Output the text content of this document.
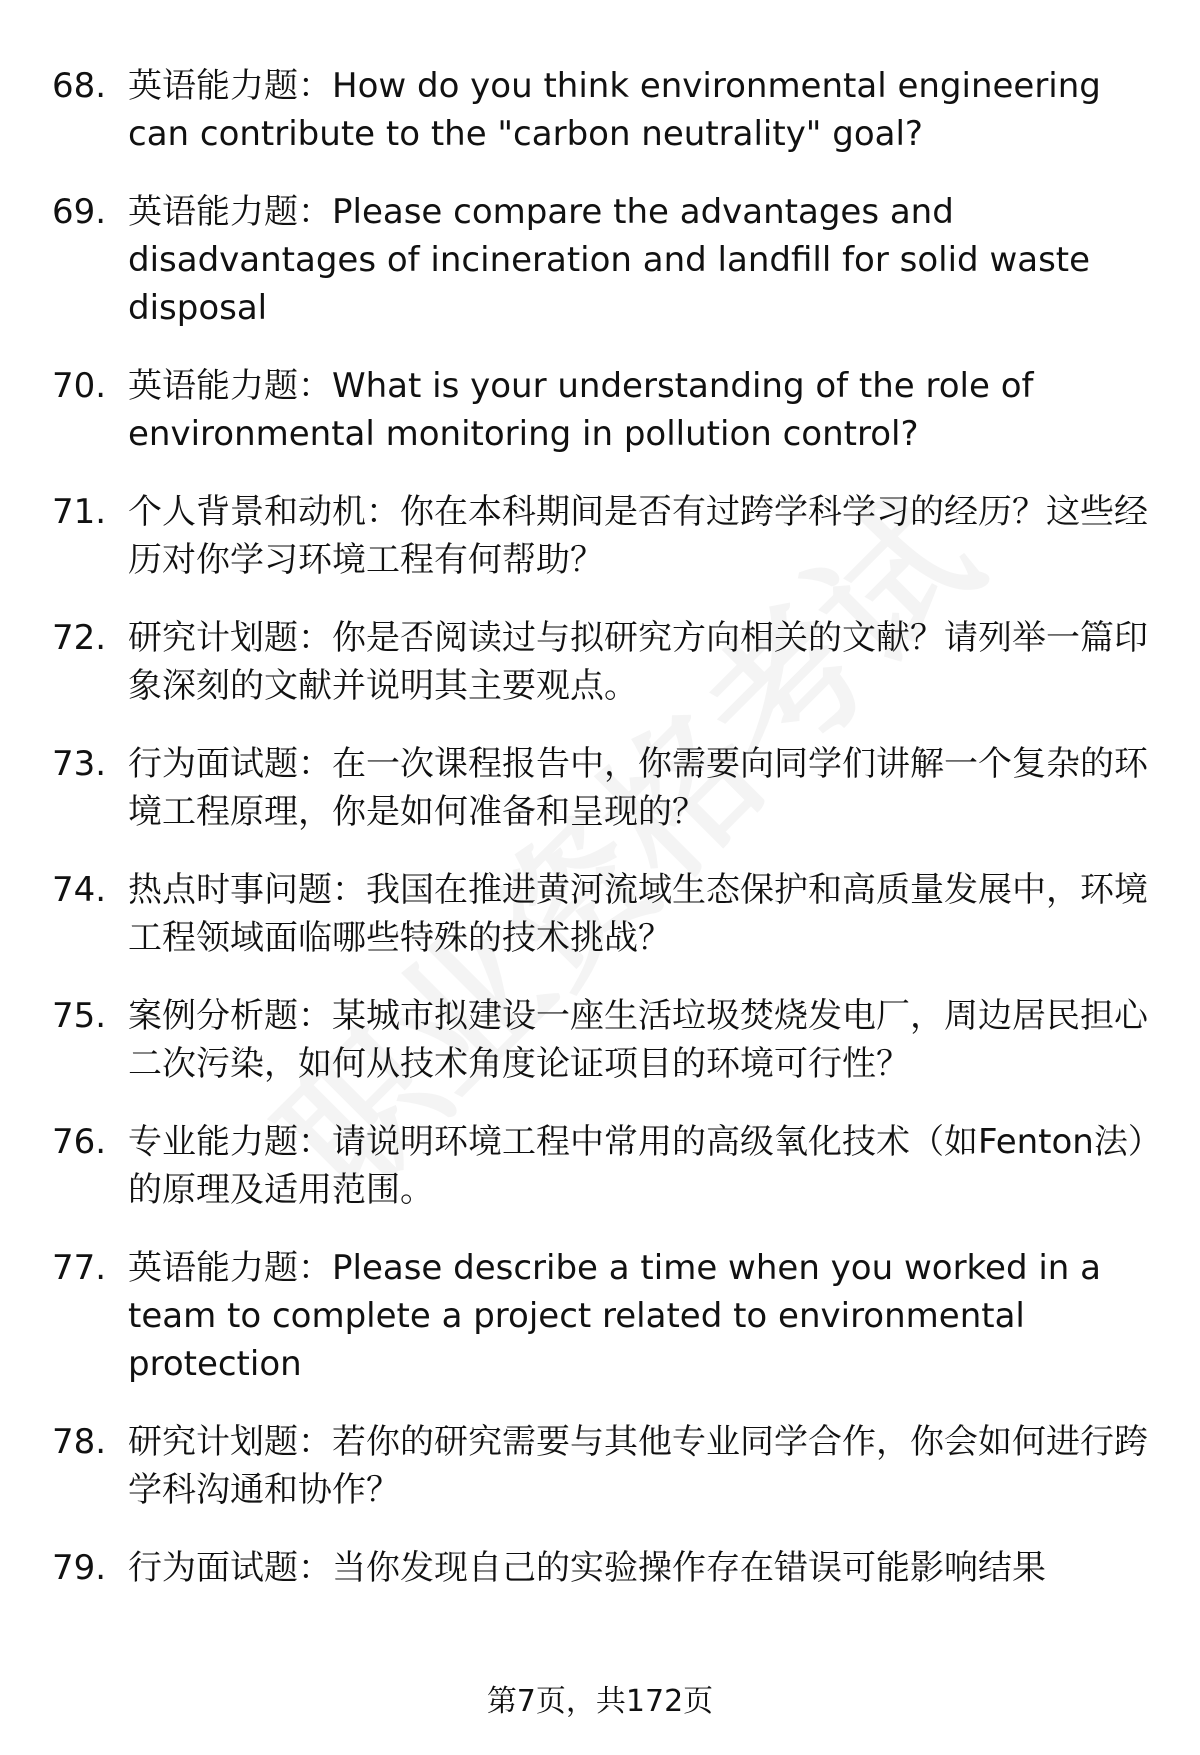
68. 英语能力题：How do you think environmental engineering can contribute to the "carbon neutrality" goal?
69. 英语能力题：Please compare the advantages and disadvantages of incineration and landfill for solid waste disposal
70. 英语能力题：What is your understanding of the role of environmental monitoring in pollution control?
71. 个人背景和动机：你在本科期间是否有过跨学科学习的经历？这些经历对你学习环境工程有何帮助？
72. 研究计划题：你是否阅读过与拟研究方向相关的文献？请列举一篇印象深刻的文献并说明其主要观点。
73. 行为面试题：在一次课程报告中，你需要向同学们讲解一个复杂的环境工程原理，你是如何准备和呈现的？
74. 热点时事问题：我国在推进黄河流域生态保护和高质量发展中，环境工程领域面临哪些特殊的技术挑战？
75. 案例分析题：某城市拟建设一座生活垃圾焚烧发电厂，周边居民担心二次污染，如何从技术角度论证项目的环境可行性？
76. 专业能力题：请说明环境工程中常用的高级氧化技术（如Fenton法）的原理及适用范围。
77. 英语能力题：Please describe a time when you worked in a team to complete a project related to environmental protection
78. 研究计划题：若你的研究需要与其他专业同学合作，你会如何进行跨学科沟通和协作？
79. 行为面试题：当你发现自己的实验操作存在错误可能影响结果
第7页，共172页
